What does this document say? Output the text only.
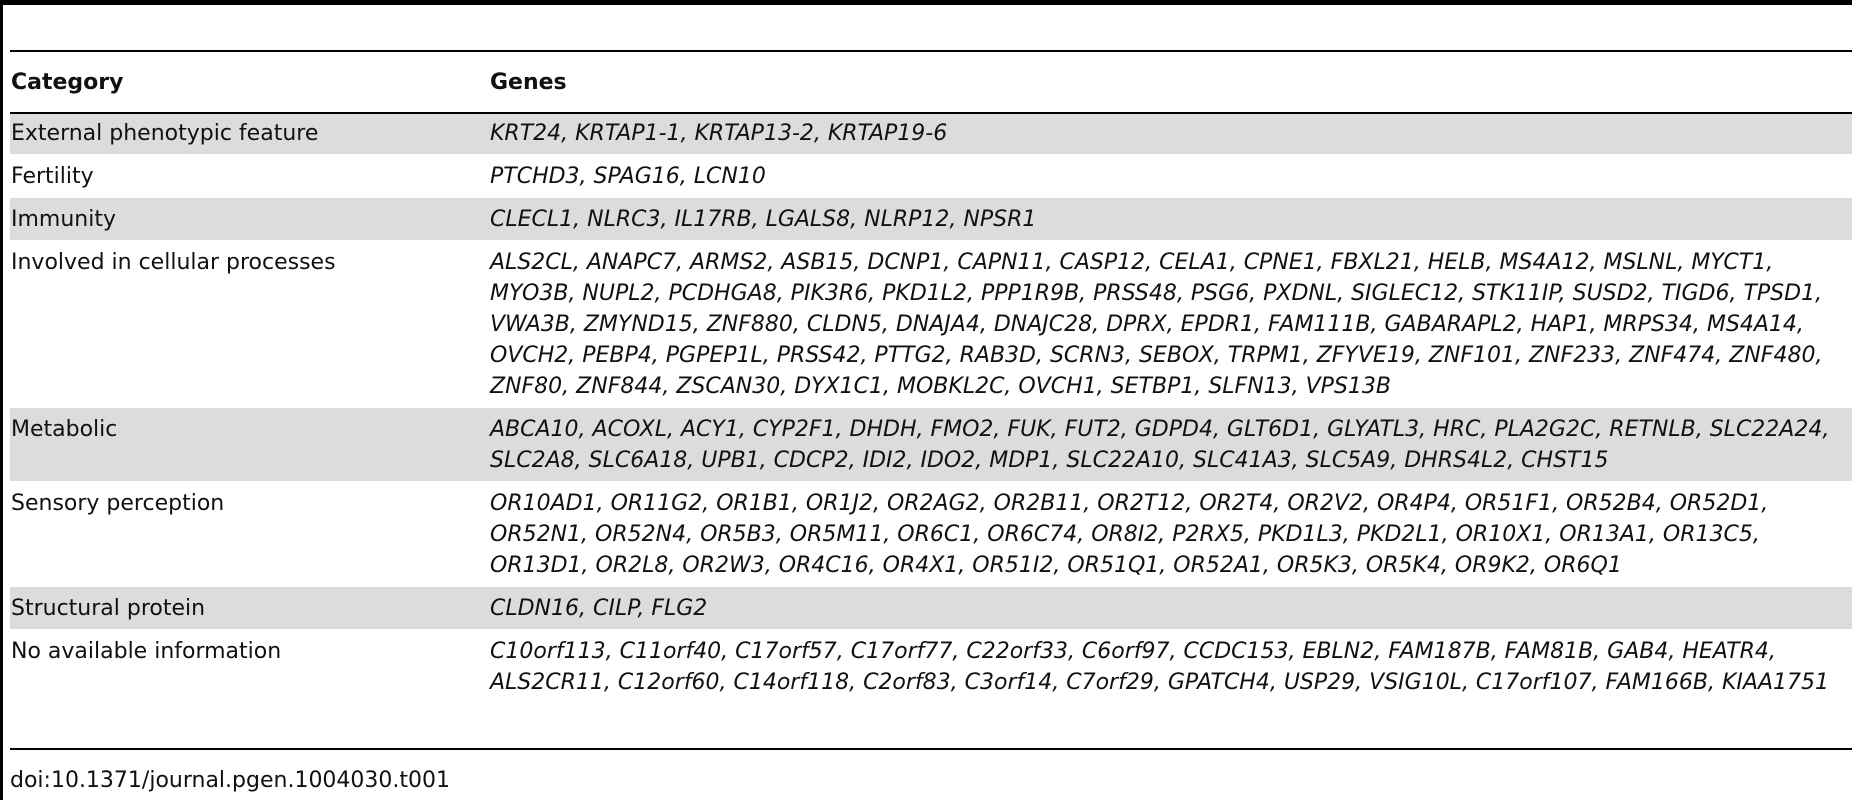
Category	Genes
External phenotypic feature	KRT24, KRTAP1-1, KRTAP13-2, KRTAP19-6
Fertility	PTCHD3, SPAG16, LCN10
Immunity	CLECL1, NLRC3, IL17RB, LGALS8, NLRP12, NPSR1
Involved in cellular processes	ALS2CL, ANAPC7, ARMS2, ASB15, DCNP1, CAPN11, CASP12, CELA1, CPNE1, FBXL21, HELB, MS4A12, MSLNL, MYCT1, MYO3B, NUPL2, PCDHGA8, PIK3R6, PKD1L2, PPP1R9B, PRSS48, PSG6, PXDNL, SIGLEC12, STK11IP, SUSD2, TIGD6, TPSD1, VWA3B, ZMYND15, ZNF880, CLDN5, DNAJA4, DNAJC28, DPRX, EPDR1, FAM111B, GABARAPL2, HAP1, MRPS34, MS4A14, OVCH2, PEBP4, PGPEP1L, PRSS42, PTTG2, RAB3D, SCRN3, SEBOX, TRPM1, ZFYVE19, ZNF101, ZNF233, ZNF474, ZNF480, ZNF80, ZNF844, ZSCAN30, DYX1C1, MOBKL2C, OVCH1, SETBP1, SLFN13, VPS13B
Metabolic	ABCA10, ACOXL, ACY1, CYP2F1, DHDH, FMO2, FUK, FUT2, GDPD4, GLT6D1, GLYATL3, HRC, PLA2G2C, RETNLB, SLC22A24, SLC2A8, SLC6A18, UPB1, CDCP2, IDI2, IDO2, MDP1, SLC22A10, SLC41A3, SLC5A9, DHRS4L2, CHST15
Sensory perception	OR10AD1, OR11G2, OR1B1, OR1J2, OR2AG2, OR2B11, OR2T12, OR2T4, OR2V2, OR4P4, OR51F1, OR52B4, OR52D1, OR52N1, OR52N4, OR5B3, OR5M11, OR6C1, OR6C74, OR8I2, P2RX5, PKD1L3, PKD2L1, OR10X1, OR13A1, OR13C5, OR13D1, OR2L8, OR2W3, OR4C16, OR4X1, OR51I2, OR51Q1, OR52A1, OR5K3, OR5K4, OR9K2, OR6Q1
Structural protein	CLDN16, CILP, FLG2
No available information	C10orf113, C11orf40, C17orf57, C17orf77, C22orf33, C6orf97, CCDC153, EBLN2, FAM187B, FAM81B, GAB4, HEATR4, ALS2CR11, C12orf60, C14orf118, C2orf83, C3orf14, C7orf29, GPATCH4, USP29, VSIG10L, C17orf107, FAM166B, KIAA1751
doi:10.1371/journal.pgen.1004030.t001
